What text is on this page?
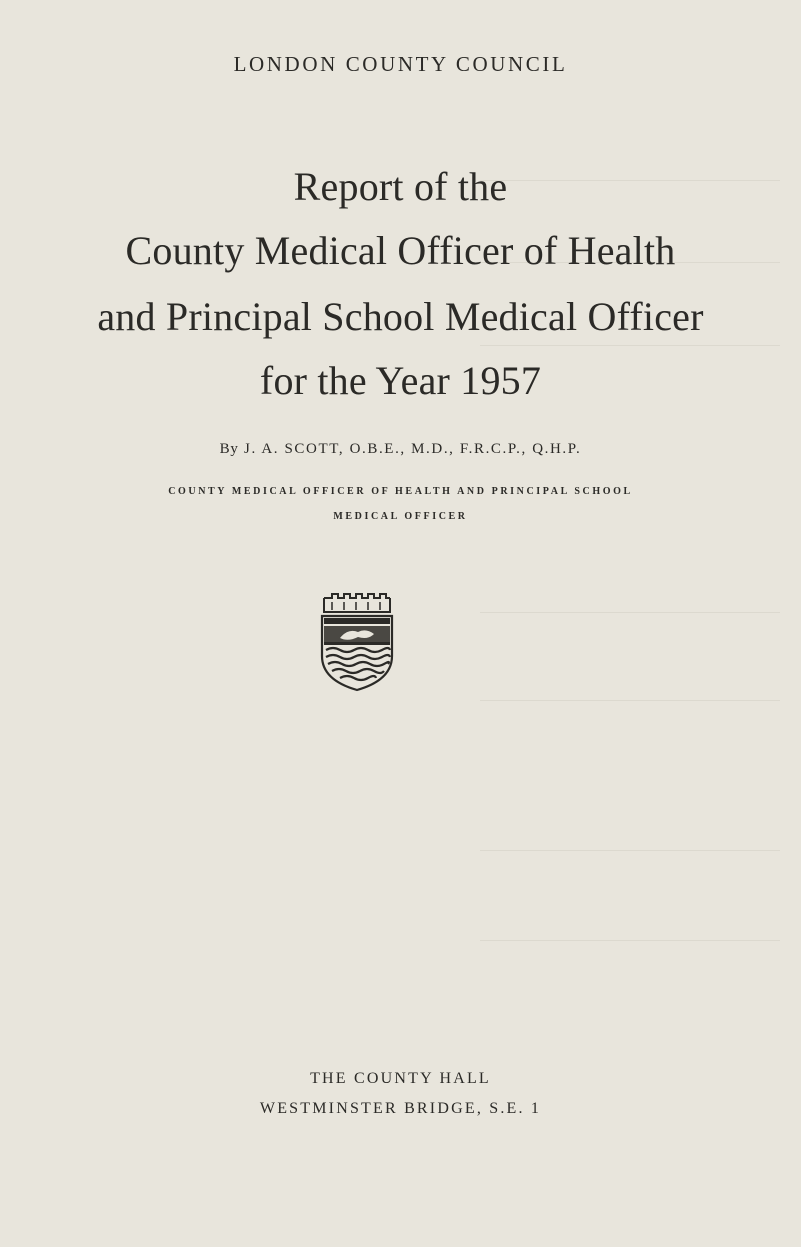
LONDON COUNTY COUNCIL
Report of the
County Medical Officer of Health
and Principal School Medical Officer
for the Year 1957
By J. A. SCOTT, O.B.E., M.D., F.R.C.P., Q.H.P.
COUNTY MEDICAL OFFICER OF HEALTH AND PRINCIPAL SCHOOL
MEDICAL OFFICER
THE COUNTY HALL
WESTMINSTER BRIDGE, S.E. 1
